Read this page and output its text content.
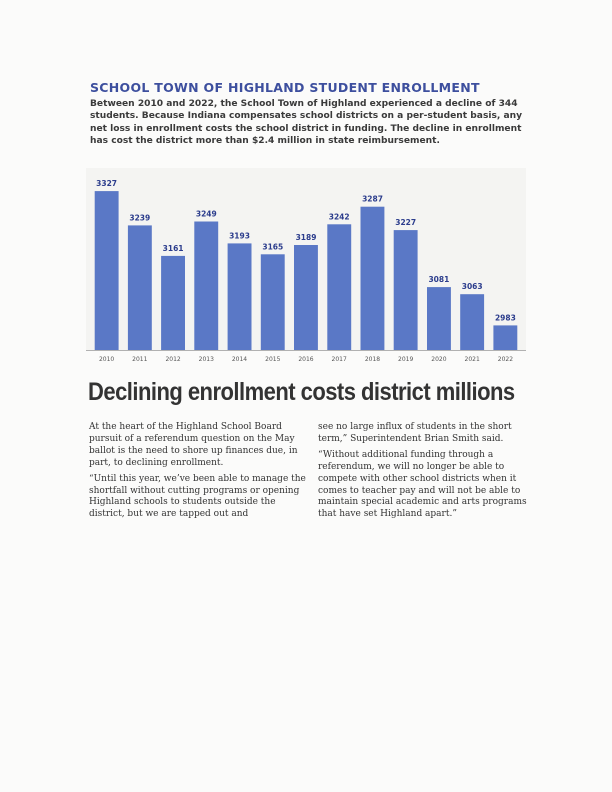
SCHOOL TOWN OF HIGHLAND STUDENT ENROLLMENT
Between 2010 and 2022, the School Town of Highland experienced a decline of 344 students. Because Indiana compensates school districts on a per-student basis, any net loss in enrollment costs the school district in funding. The decline in enrollment has cost the district more than $2.4 million in state reimbursement.
3327
2010
3239
2011
3161
2012
3249
2013
3193
2014
3165
2015
3189
2016
3242
2017
3287
2018
3227
2019
3081
2020
3063
2021
2983
2022
Declining enrollment costs district millions

At the heart of the Highland School Board pursuit of a referendum question on the May ballot is the need to shore up finances due, in part, to declining enrollment.

“Until this year, we’ve been able to manage the shortfall without cutting programs or opening Highland schools to students outside the district, but we are tapped out and

see no large influx of students in the short term,” Superintendent Brian Smith said.

“Without additional funding through a referendum, we will no longer be able to compete with other school districts when it comes to teacher pay and will not be able to maintain special academic and arts programs that have set Highland apart.”
